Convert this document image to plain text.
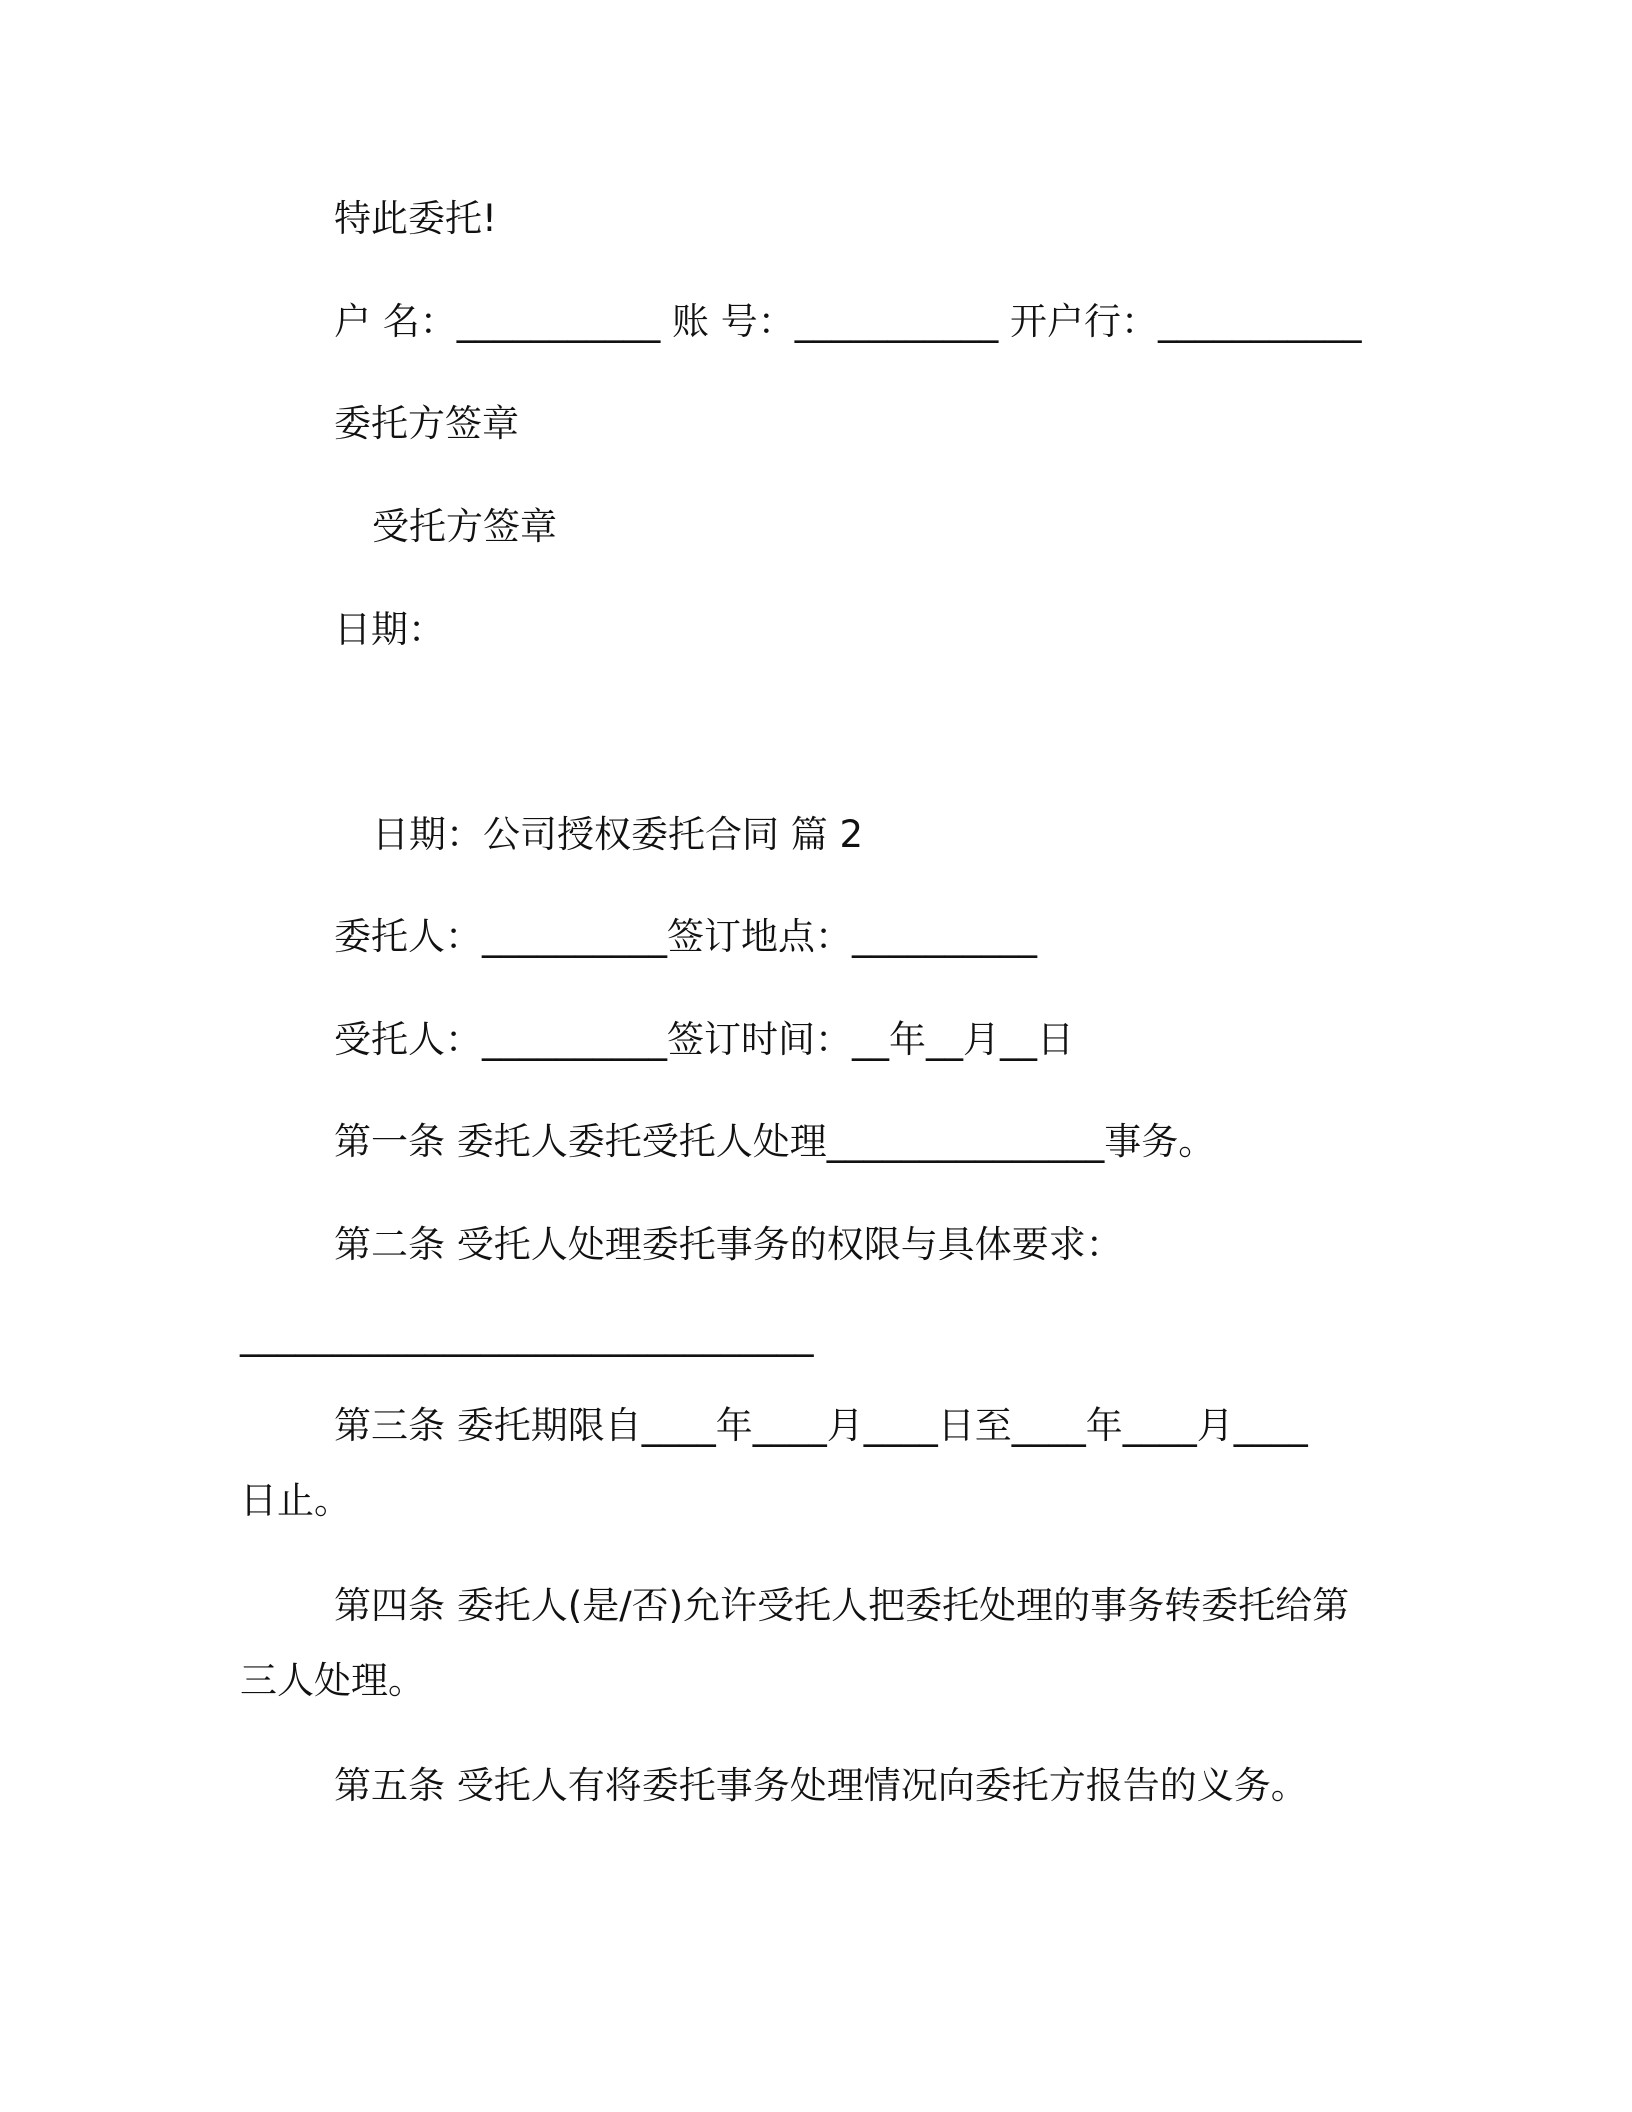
特此委托!
户 名：___________ 账 号：___________ 开户行：___________
委托方签章
受托方签章
日期：
日期：公司授权委托合同 篇 2
委托人：__________签订地点：__________
受托人：__________签订时间：__年__月__日
第一条 委托人委托受托人处理_______________事务。
第二条 受托人处理委托事务的权限与具体要求：
_______________________________
第三条 委托期限自____年____月____日至____年____月____
日止。
第四条 委托人(是/否)允许受托人把委托处理的事务转委托给第
三人处理。
第五条 受托人有将委托事务处理情况向委托方报告的义务。
